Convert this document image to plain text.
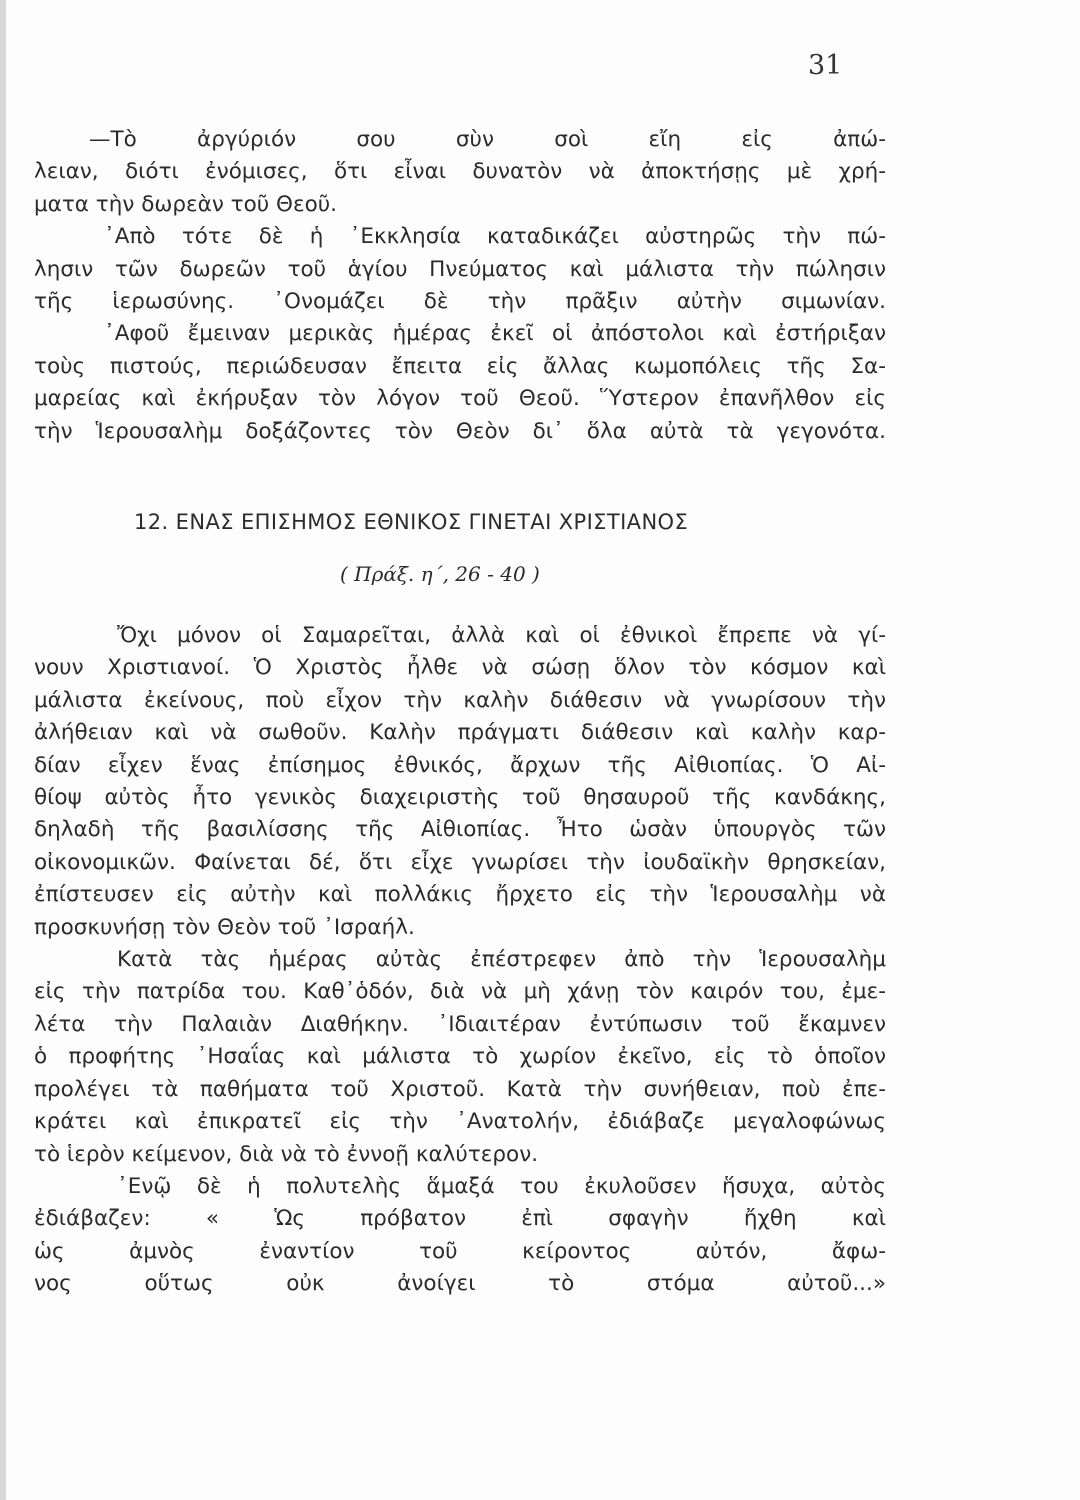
31
—Τὸ ἀργύριόν σου σὺν σοὶ εἴη εἰς ἀπώ-
λειαν, διότι ἐνόμισες, ὅτι εἶναι δυνατὸν νὰ ἀποκτήσῃς μὲ χρή-
ματα τὴν δωρεὰν τοῦ Θεοῦ.
᾿Απὸ τότε δὲ ἡ ᾿Εκκλησία καταδικάζει αὐστηρῶς τὴν πώ-
λησιν τῶν δωρεῶν τοῦ ἁγίου Πνεύματος καὶ μάλιστα τὴν πώλησιν
τῆς ἱερωσύνης. ᾿Ονομάζει δὲ τὴν πρᾶξιν αὐτὴν σιμωνίαν.
᾿Αφοῦ ἔμειναν μερικὰς ἡμέρας ἐκεῖ οἱ ἀπόστολοι καὶ ἐστήριξαν
τοὺς πιστούς, περιώδευσαν ἔπειτα εἰς ἄλλας κωμοπόλεις τῆς Σα-
μαρείας καὶ ἐκήρυξαν τὸν λόγον τοῦ Θεοῦ. Ὕστερον ἐπανῆλθον εἰς
τὴν Ἱερουσαλὴμ δοξάζοντες τὸν Θεὸν δι᾿ ὅλα αὐτὰ τὰ γεγονότα.
12. ΕΝΑΣ ΕΠΙΣΗΜΟΣ ΕΘΝΙΚΟΣ ΓΙΝΕΤΑΙ ΧΡΙΣΤΙΑΝΟΣ
( Πράξ. η΄, 26 - 40 )
Ὄχι μόνον οἱ Σαμαρεῖται, ἀλλὰ καὶ οἱ ἐθνικοὶ ἔπρεπε νὰ γί-
νουν Χριστιανοί. Ὁ Χριστὸς ἦλθε νὰ σώσῃ ὅλον τὸν κόσμον καὶ
μάλιστα ἐκείνους, ποὺ εἶχον τὴν καλὴν διάθεσιν νὰ γνωρίσουν τὴν
ἀλήθειαν καὶ νὰ σωθοῦν. Καλὴν πράγματι διάθεσιν καὶ καλὴν καρ-
δίαν εἶχεν ἕνας ἐπίσημος ἐθνικός, ἄρχων τῆς Αἰθιοπίας. Ὁ Αἰ-
θίοψ αὐτὸς ἦτο γενικὸς διαχειριστὴς τοῦ θησαυροῦ τῆς κανδάκης,
δηλαδὴ τῆς βασιλίσσης τῆς Αἰθιοπίας. Ἦτο ὡσὰν ὑπουργὸς τῶν
οἰκονομικῶν. Φαίνεται δέ, ὅτι εἶχε γνωρίσει τὴν ἰουδαϊκὴν θρησκείαν,
ἐπίστευσεν εἰς αὐτὴν καὶ πολλάκις ἤρχετο εἰς τὴν Ἱερουσαλὴμ νὰ
προσκυνήσῃ τὸν Θεὸν τοῦ ᾿Ισραήλ.
Κατὰ τὰς ἡμέρας αὐτὰς ἐπέστρεφεν ἀπὸ τὴν Ἱερουσαλὴμ
εἰς τὴν πατρίδα του. Καθ᾿ὁδόν, διὰ νὰ μὴ χάνῃ τὸν καιρόν του, ἐμε-
λέτα τὴν Παλαιὰν Διαθήκην. ᾿Ιδιαιτέραν ἐντύπωσιν τοῦ ἔκαμνεν
ὁ προφήτης ᾿Ησαΐας καὶ μάλιστα τὸ χωρίον ἐκεῖνο, εἰς τὸ ὁποῖον
προλέγει τὰ παθήματα τοῦ Χριστοῦ. Κατὰ τὴν συνήθειαν, ποὺ ἐπε-
κράτει καὶ ἐπικρατεῖ εἰς τὴν ᾿Ανατολήν, ἐδιάβαζε μεγαλοφώνως
τὸ ἱερὸν κείμενον, διὰ νὰ τὸ ἐννοῇ καλύτερον.
᾿Ενῷ δὲ ἡ πολυτελὴς ἅμαξά του ἐκυλοῦσεν ἥσυχα, αὐτὸς
ἐδιάβαζεν: « Ὡς πρόβατον ἐπὶ σφαγὴν ἤχθη καὶ
ὡς ἀμνὸς ἐναντίον τοῦ κείροντος αὐτόν, ἄφω-
νος οὕτως οὐκ ἀνοίγει τὸ στόμα αὐτοῦ...»
